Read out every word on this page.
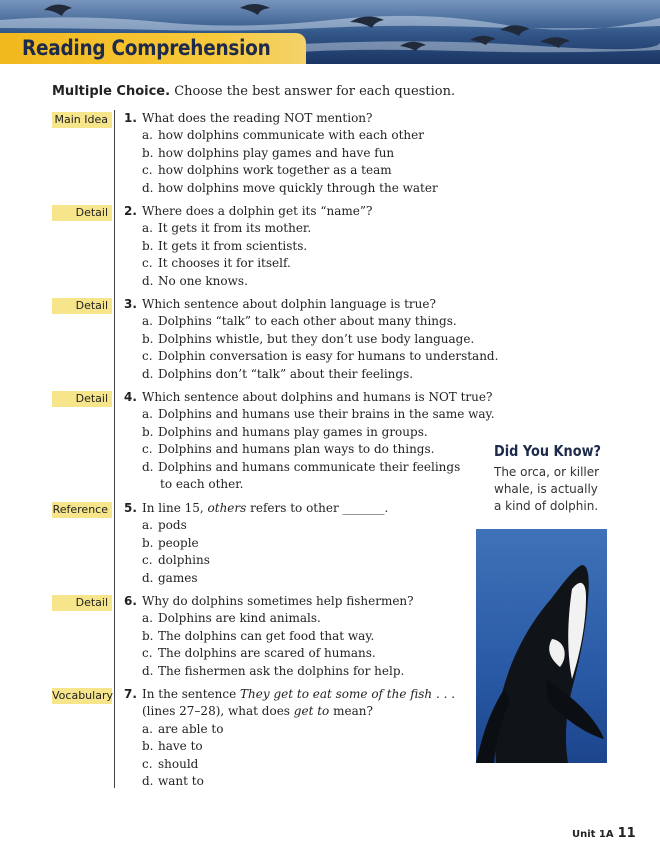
Reading Comprehension
Multiple Choice. Choose the best answer for each question.
Main Idea	1. What does the reading NOT mention?
a. how dolphins communicate with each other
b. how dolphins play games and have fun
c. how dolphins work together as a team
d. how dolphins move quickly through the water
Detail	2. Where does a dolphin get its “name”?
a. It gets it from its mother.
b. It gets it from scientists.
c. It chooses it for itself.
d. No one knows.
Detail	3. Which sentence about dolphin language is true?
a. Dolphins “talk” to each other about many things.
b. Dolphins whistle, but they don’t use body language.
c. Dolphin conversation is easy for humans to understand.
d. Dolphins don’t “talk” about their feelings.
Detail	4. Which sentence about dolphins and humans is NOT true?
a. Dolphins and humans use their brains in the same way.
b. Dolphins and humans play games in groups.
c. Dolphins and humans plan ways to do things.
d. Dolphins and humans communicate their feelings
to each other.
Reference	5. In line 15, others refers to other _______.
a. pods
b. people
c. dolphins
d. games
Detail	6. Why do dolphins sometimes help fishermen?
a. Dolphins are kind animals.
b. The dolphins can get food that way.
c. The dolphins are scared of humans.
d. The fishermen ask the dolphins for help.
Vocabulary 7. In the sentence They get to eat some of the fish . . .
(lines 27–28), what does get to mean?
a. are able to
b. have to
c. should
d. want to
Did You Know?
The orca, or killer
whale, is actually
a kind of dolphin.
Unit 1A 11
